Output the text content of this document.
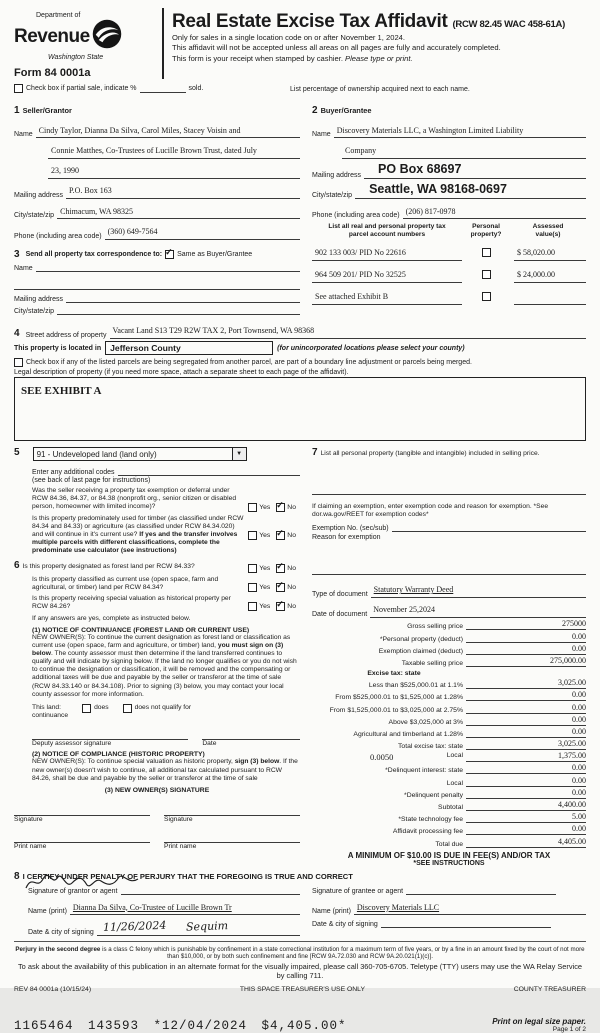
Department of
Revenue
Washington State
Form 84 0001a
Real Estate Excise Tax Affidavit (RCW 82.45 WAC 458-61A)
Only for sales in a single location code on or after November 1, 2024.
This affidavit will not be accepted unless all areas on all pages are fully and accurately completed.
This form is your receipt when stamped by cashier. Please type or print.
Check box if partial sale, indicate %	sold.	List percentage of ownership acquired next to each name.
1 Seller/Grantor
Name
Cindy Taylor, Dianna Da Silva, Carol Miles, Stacey Voisin and
Connie Matthes, Co-Trustees of Lucille Brown Trust, dated July
23, 1990
Mailing address
P.O. Box 163
City/state/zip
Chimacum, WA 98325
Phone (including area code)
(360) 649-7564
3 Send all property tax correspondence to: ✓ Same as Buyer/Grantee
Name
Mailing address
City/state/zip
2 Buyer/Grantee
Name
Discovery Materials LLC, a Washington Limited Liability
Company
Mailing address	PO Box 68697
City/state/zip	Seattle, WA 98168-0697
Phone (including area code)
(206) 817-0978
List all real and personal property tax
parcel account numbers
Personal
property?
Assessed
value(s)
902 133 003/ PID No 22616	$ 58,020.00
964 509 201/ PID No 32525	$ 24,000.00
See attached Exhibit B
4 Street address of property
Vacant Land S13 T29 R2W TAX 2, Port Townsend, WA 98368
This property is located in	Jefferson County	(for unincorporated locations please select your county)
Check box if any of the listed parcels are being segregated from another parcel, are part of a boundary line adjustment or parcels being merged.
Legal description of property (if you need more space, attach a separate sheet to each page of the affidavit).
SEE EXHIBIT A
5	91 - Undeveloped land (land only)	▼
Enter any additional codes
(see back of last page for instructions)
Was the seller receiving a property tax exemption or deferral under RCW 84.36, 84.37, or 84.38 (nonprofit org., senior citizen or disabled person, homeowner with limited income)?	Yes ✓ No
Is this property predominately used for timber (as classified under RCW 84.34 and 84.33) or agriculture (as classified under RCW 84.34.020) and will continue in it's current use? If yes and the transfer involves multiple parcels with different classifications, complete the predominate use calculator (see instructions)
Yes ✓ No
6 Is this property designated as forest land per RCW 84.33?	Yes ✓ No
Is this property classified as current use (open space, farm and agricultural, or timber) land per RCW 84.34?	Yes ✓ No
Is this property receiving special valuation as historical property per RCW 84.26?	Yes ✓ No
If any answers are yes, complete as instructed below.
(1) NOTICE OF CONTINUANCE (FOREST LAND OR CURRENT USE)
NEW OWNER(S): To continue the current designation as forest land or classification as current use (open space, farm and agriculture, or timber) land, you must sign on (3) below. The county assessor must then determine if the land transferred continues to qualify and will indicate by signing below. If the land no longer qualifies or you do not wish to continue the designation or classification, it will be removed and the compensating or additional taxes will be due and payable by the seller or transferor at the time of sale (RCW 84.33.140 or 84.34.108). Prior to signing (3) below, you may contact your local county assessor for more information.
This land:
continuance
does	does not qualify for
Deputy assessor signature	Date
(2) NOTICE OF COMPLIANCE (HISTORIC PROPERTY)
NEW OWNER(S): To continue special valuation as historic property, sign (3) below. If the new owner(s) doesn't wish to continue, all additional tax calculated pursuant to RCW 84.26, shall be due and payable by the seller or transferor at the time of sale
(3) NEW OWNER(S) SIGNATURE
Signature	Signature
Print name	Print name
7 List all personal property (tangible and intangible) included in selling price.
If claiming an exemption, enter exemption code and reason for exemption. *See dor.wa.gov/REET for exemption codes*
Exemption No. (sec/sub)
Reason for exemption
Type of document
Statutory Warranty Deed
Date of document
November 25,2024
Gross selling price	275000
*Personal property (deduct)	0.00
Exemption claimed (deduct)	0.00
Taxable selling price	275,000.00
Excise tax: state
Less than $525,000.01 at 1.1%	3,025.00
From $525,000.01 to $1,525,000 at 1.28%	0.00
From $1,525,000.01 to $3,025,000 at 2.75%	0.00
Above $3,025,000 at 3%	0.00
Agricultural and timberland at 1.28%	0.00
Total excise tax: state	3,025.00
0.0050	Local	1,375.00
*Delinquent interest: state	0.00
Local	0.00
*Delinquent penalty	0.00
Subtotal	4,400.00
*State technology fee	5.00
Affidavit processing fee	0.00
Total due	4,405.00
A MINIMUM OF $10.00 IS DUE IN FEE(S) AND/OR TAX
*SEE INSTRUCTIONS
8 I CERTIFY UNDER PENALTY OF PERJURY THAT THE FOREGOING IS TRUE AND CORRECT
Signature of grantor or agent
Name (print)
Dianna Da Silva, Co-Trustee of Lucille Brown Tr
Date & city of signing 11/26/2024 Sequim
Signature of grantee or agent
Name (print)
Discovery Materials LLC
Date & city of signing
Perjury in the second degree is a class C felony which is punishable by confinement in a state correctional institution for a maximum term of five years, or by a fine in an amount fixed by the court of not more than $10,000, or by both such confinement and fine [RCW 9A.72.030 and RCW 9A.20.021(1)(c)].
To ask about the availability of this publication in an alternate format for the visually impaired, please call 360-705-6705. Teletype (TTY) users may use the WA Relay Service by calling 711.
REV 84 0001a (10/15/24)	THIS SPACE TREASURER'S USE ONLY	COUNTY TREASURER
1165464 143593 *12/04/2024 $4,405.00*	Print on legal size paper.
Page 1 of 2
